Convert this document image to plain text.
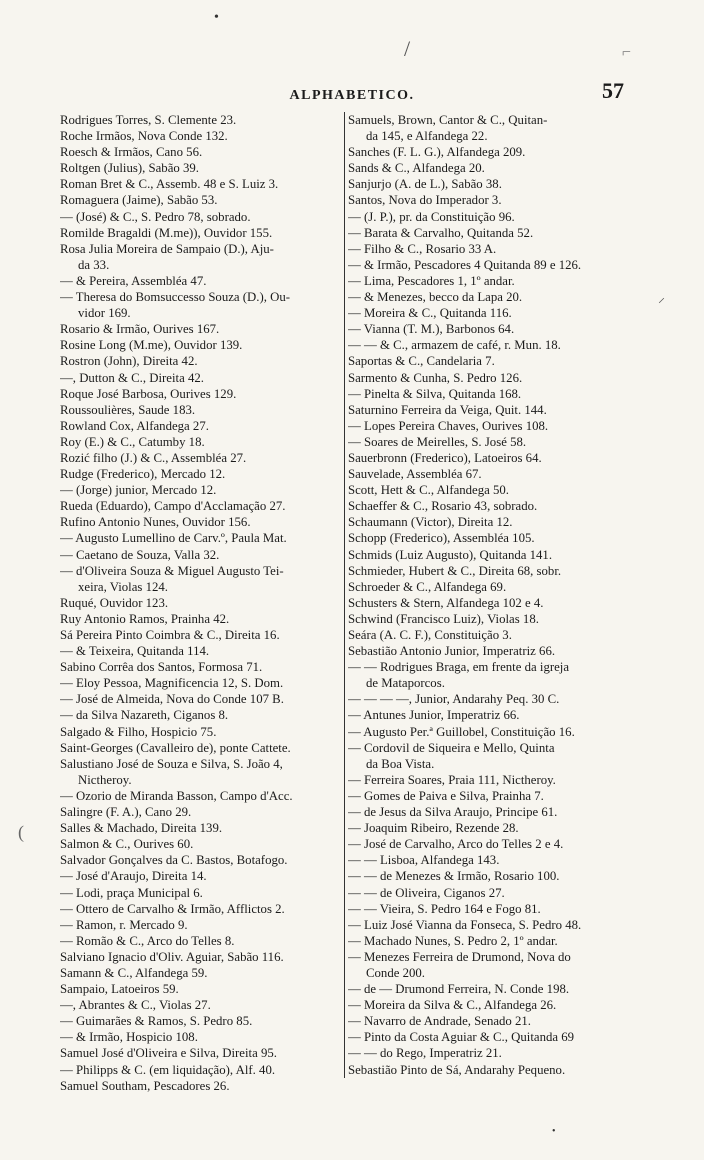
•
/	⌐
⸝
(
•
ALPHABETICO.	57
Rodrigues Torres, S. Clemente 23.
Roche Irmãos, Nova Conde 132.
Roesch & Irmãos, Cano 56.
Roltgen (Julius), Sabão 39.
Roman Bret & C., Assemb. 48 e S. Luiz 3.
Romaguera (Jaime), Sabão 53.
— (José) & C., S. Pedro 78, sobrado.
Romilde Bragaldi (M.me)), Ouvidor 155.
Rosa Julia Moreira de Sampaio (D.), Aju-
da 33.
— & Pereira, Assembléa 47.
— Theresa do Bomsuccesso Souza (D.), Ou-
vidor 169.
Rosario & Irmão, Ourives 167.
Rosine Long (M.me), Ouvidor 139.
Rostron (John), Direita 42.
—, Dutton & C., Direita 42.
Roque José Barbosa, Ourives 129.
Roussoulières, Saude 183.
Rowland Cox, Alfandega 27.
Roy (E.) & C., Catumby 18.
Rozić filho (J.) & C., Assembléa 27.
Rudge (Frederico), Mercado 12.
— (Jorge) junior, Mercado 12.
Rueda (Eduardo), Campo d'Acclamação 27.
Rufino Antonio Nunes, Ouvidor 156.
— Augusto Lumellino de Carv.º, Paula Mat.
— Caetano de Souza, Valla 32.
— d'Oliveira Souza & Miguel Augusto Tei-
xeira, Violas 124.
Ruqué, Ouvidor 123.
Ruy Antonio Ramos, Prainha 42.
Sá Pereira Pinto Coimbra & C., Direita 16.
— & Teixeira, Quitanda 114.
Sabino Corrêa dos Santos, Formosa 71.
— Eloy Pessoa, Magnificencia 12, S. Dom.
— José de Almeida, Nova do Conde 107 B.
— da Silva Nazareth, Ciganos 8.
Salgado & Filho, Hospicio 75.
Saint-Georges (Cavalleiro de), ponte Cattete.
Salustiano José de Souza e Silva, S. João 4,
Nictheroy.
— Ozorio de Miranda Basson, Campo d'Acc.
Salingre (F. A.), Cano 29.
Salles & Machado, Direita 139.
Salmon & C., Ourives 60.
Salvador Gonçalves da C. Bastos, Botafogo.
— José d'Araujo, Direita 14.
— Lodi, praça Municipal 6.
— Ottero de Carvalho & Irmão, Afflictos 2.
— Ramon, r. Mercado 9.
— Romão & C., Arco do Telles 8.
Salviano Ignacio d'Oliv. Aguiar, Sabão 116.
Samann & C., Alfandega 59.
Sampaio, Latoeiros 59.
—, Abrantes & C., Violas 27.
— Guimarães & Ramos, S. Pedro 85.
— & Irmão, Hospicio 108.
Samuel José d'Oliveira e Silva, Direita 95.
— Philipps & C. (em liquidação), Alf. 40.
Samuel Southam, Pescadores 26.
Samuels, Brown, Cantor & C., Quitan-
da 145, e Alfandega 22.
Sanches (F. L. G.), Alfandega 209.
Sands & C., Alfandega 20.
Sanjurjo (A. de L.), Sabão 38.
Santos, Nova do Imperador 3.
— (J. P.), pr. da Constituição 96.
— Barata & Carvalho, Quitanda 52.
— Filho & C., Rosario 33 A.
— & Irmão, Pescadores 4 Quitanda 89 e 126.
— Lima, Pescadores 1, 1º andar.
— & Menezes, becco da Lapa 20.
— Moreira & C., Quitanda 116.
— Vianna (T. M.), Barbonos 64.
— — & C., armazem de café, r. Mun. 18.
Saportas & C., Candelaria 7.
Sarmento & Cunha, S. Pedro 126.
— Pinelta & Silva, Quitanda 168.
Saturnino Ferreira da Veiga, Quit. 144.
— Lopes Pereira Chaves, Ourives 108.
— Soares de Meirelles, S. José 58.
Sauerbronn (Frederico), Latoeiros 64.
Sauvelade, Assembléa 67.
Scott, Hett & C., Alfandega 50.
Schaeffer & C., Rosario 43, sobrado.
Schaumann (Victor), Direita 12.
Schopp (Frederico), Assembléa 105.
Schmids (Luiz Augusto), Quitanda 141.
Schmieder, Hubert & C., Direita 68, sobr.
Schroeder & C., Alfandega 69.
Schusters & Stern, Alfandega 102 e 4.
Schwind (Francisco Luiz), Violas 18.
Seára (A. C. F.), Constituição 3.
Sebastião Antonio Junior, Imperatriz 66.
— — Rodrigues Braga, em frente da igreja
de Mataporcos.
— — — —, Junior, Andarahy Peq. 30 C.
— Antunes Junior, Imperatriz 66.
— Augusto Per.ª Guillobel, Constituição 16.
— Cordovil de Siqueira e Mello, Quinta
da Boa Vista.
— Ferreira Soares, Praia 111, Nictheroy.
— Gomes de Paiva e Silva, Prainha 7.
— de Jesus da Silva Araujo, Principe 61.
— Joaquim Ribeiro, Rezende 28.
— José de Carvalho, Arco do Telles 2 e 4.
— — Lisboa, Alfandega 143.
— — de Menezes & Irmão, Rosario 100.
— — de Oliveira, Ciganos 27.
— — Vieira, S. Pedro 164 e Fogo 81.
— Luiz José Vianna da Fonseca, S. Pedro 48.
— Machado Nunes, S. Pedro 2, 1º andar.
— Menezes Ferreira de Drumond, Nova do
Conde 200.
— de — Drumond Ferreira, N. Conde 198.
— Moreira da Silva & C., Alfandega 26.
— Navarro de Andrade, Senado 21.
— Pinto da Costa Aguiar & C., Quitanda 69
— — do Rego, Imperatriz 21.
Sebastião Pinto de Sá, Andarahy Pequeno.
